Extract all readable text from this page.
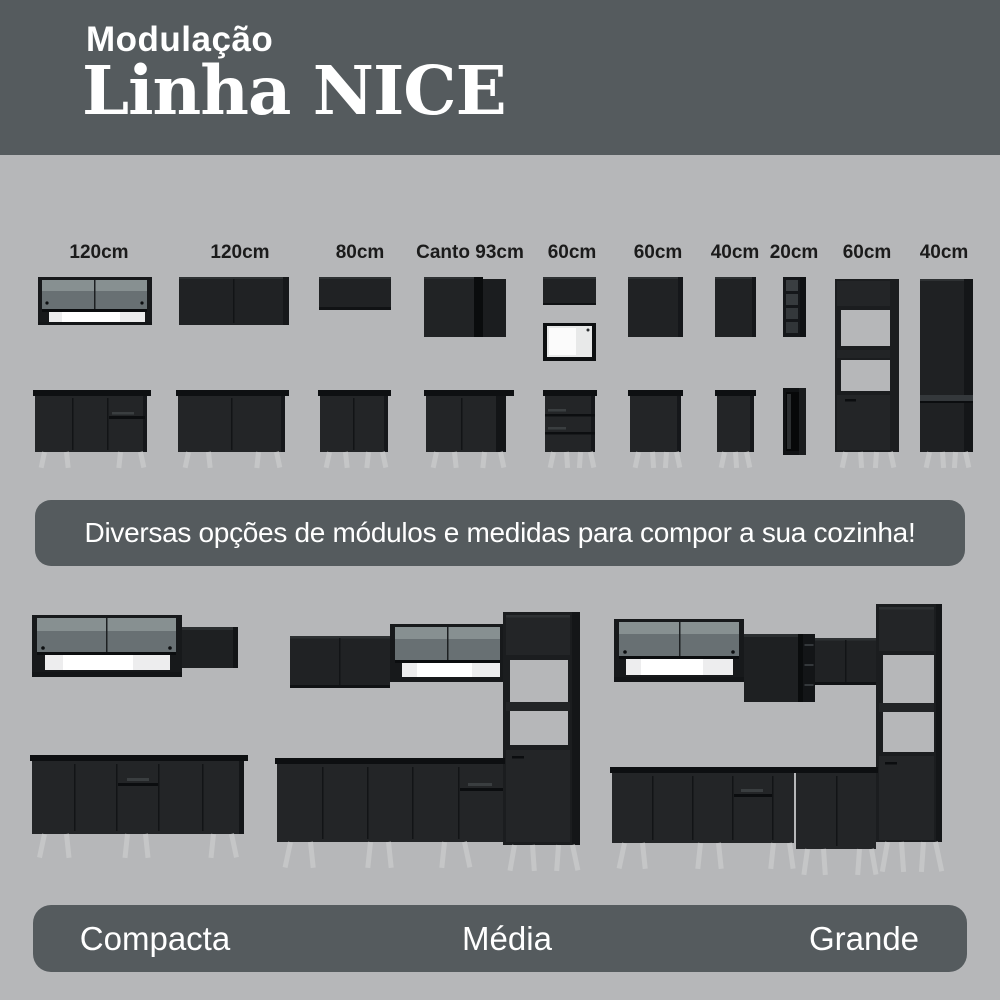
Modulação
Linha NICE
120cm	120cm	80cm Canto 93cm 60cm 60cm 40cm 20cm 60cm 40cm
Diversas opções de módulos e medidas para compor a sua cozinha!
Compacta	Média	Grande
